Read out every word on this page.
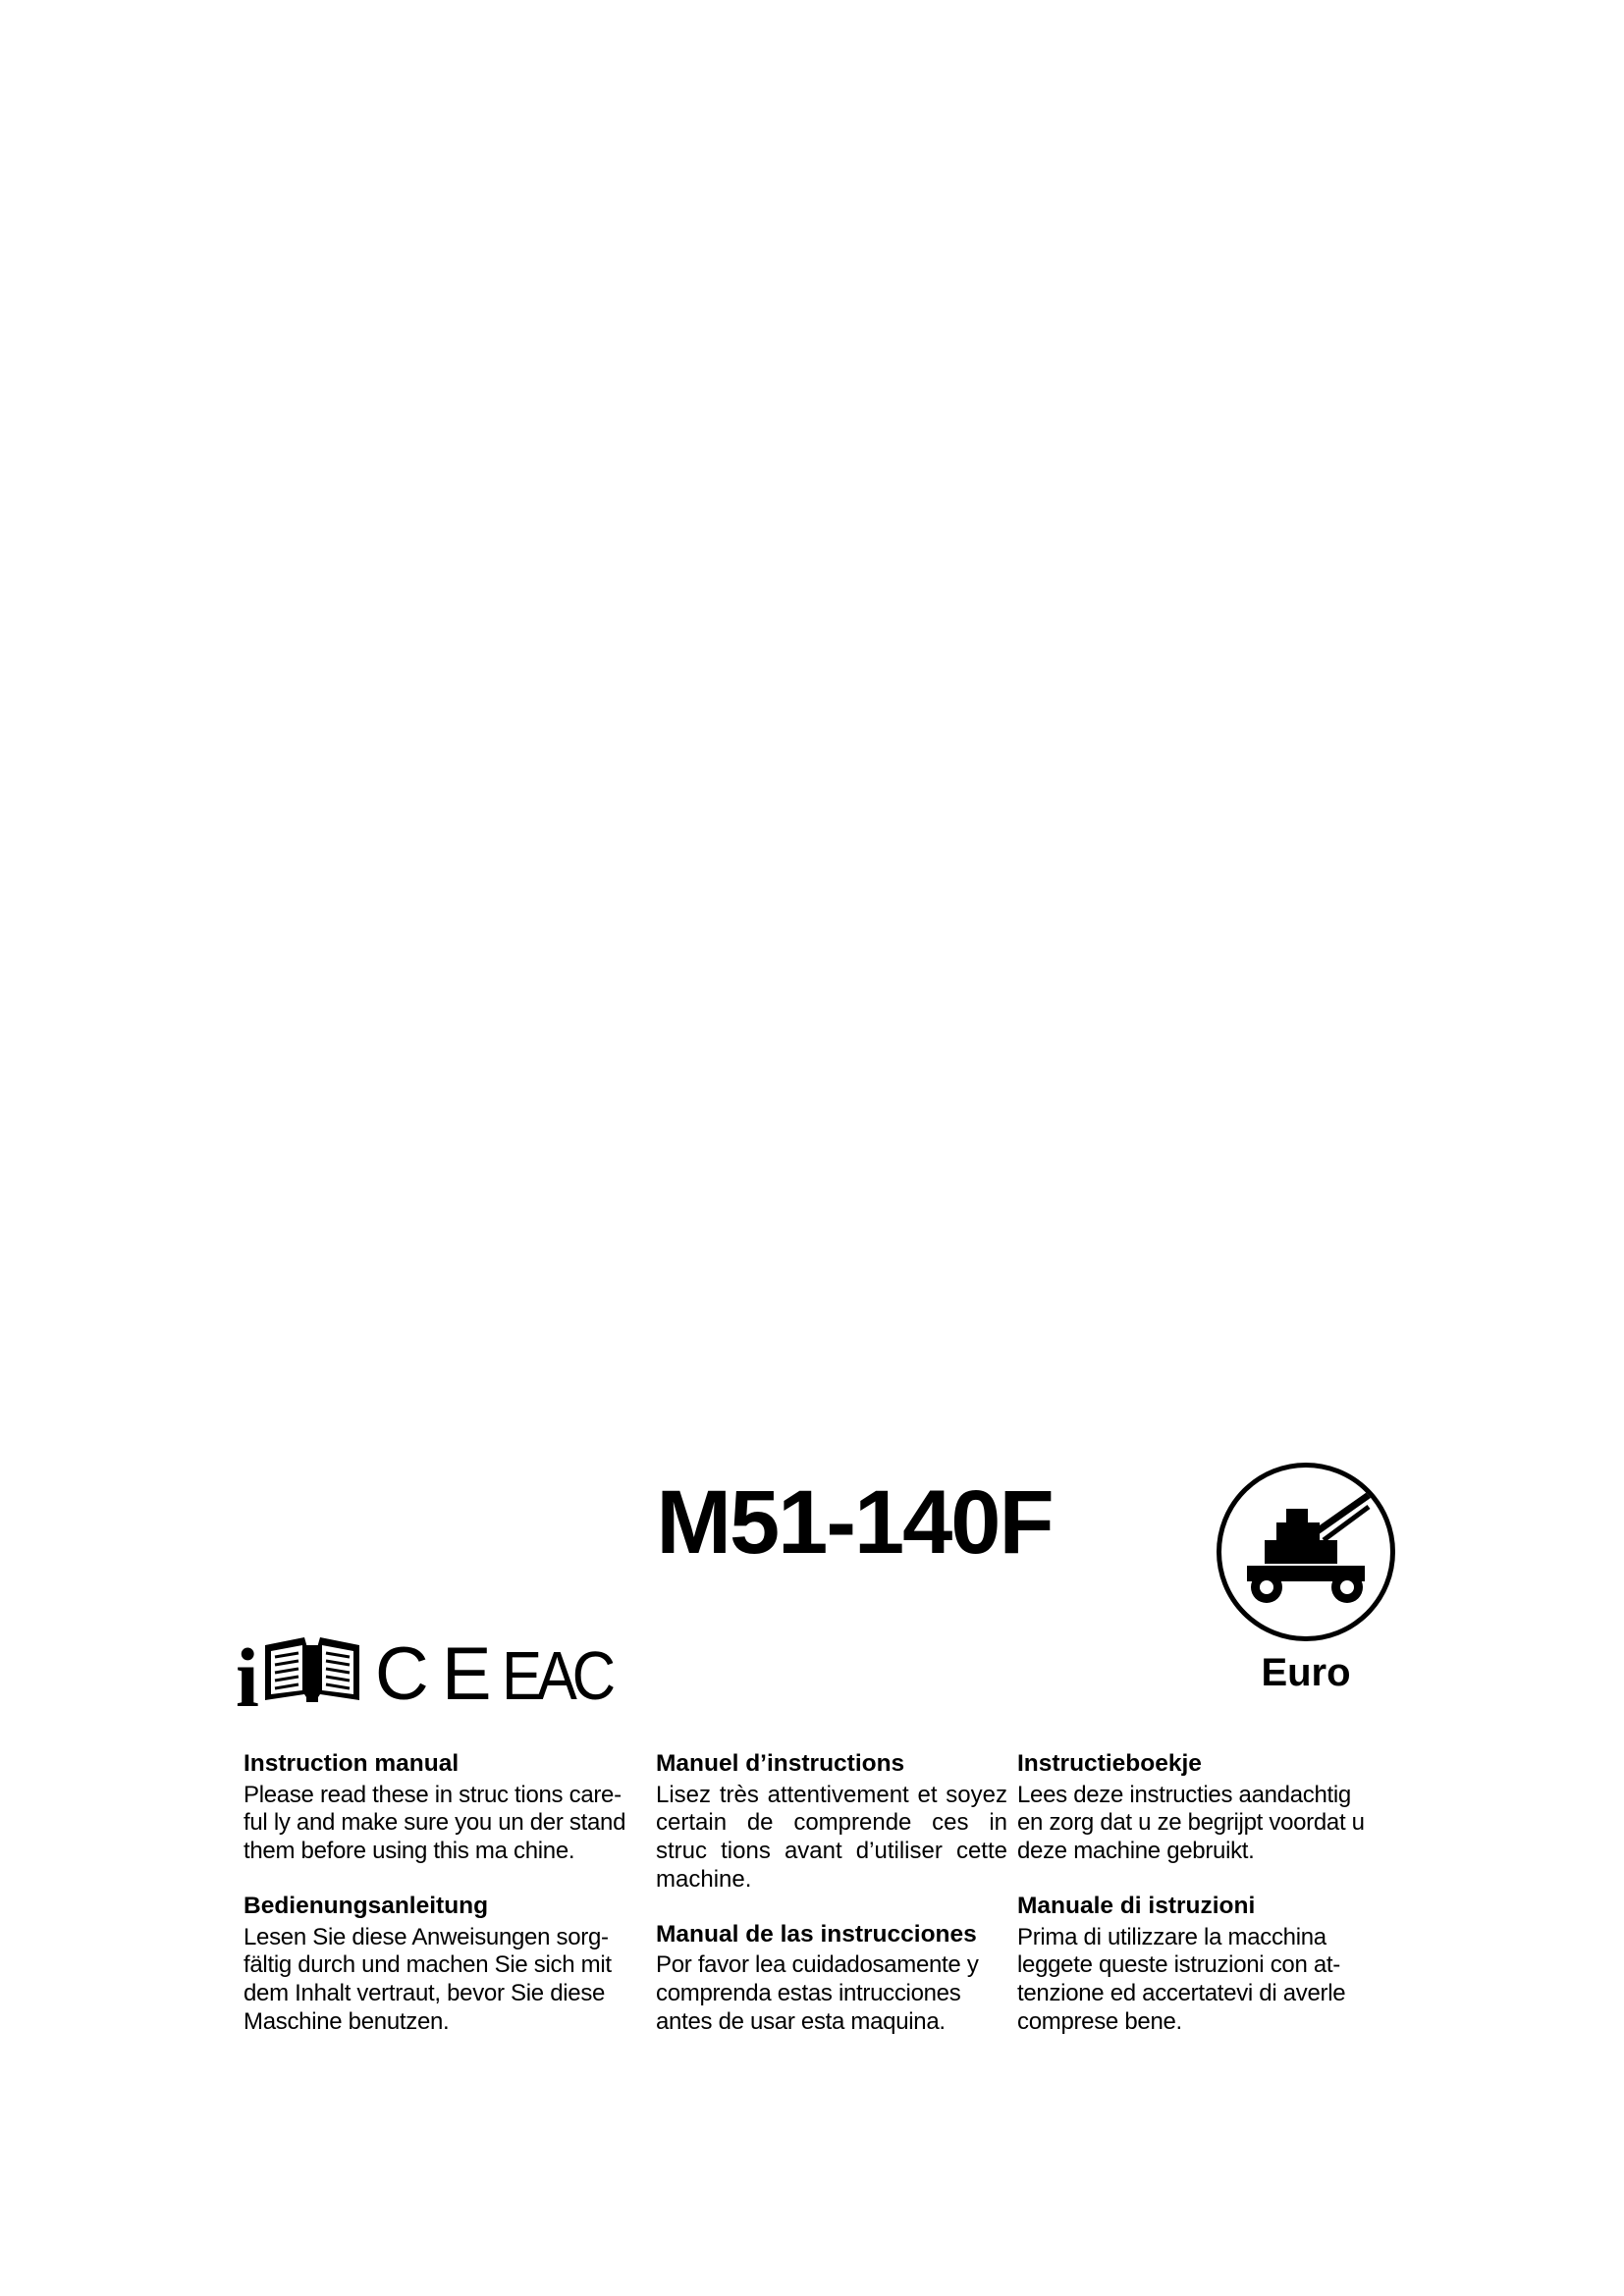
M51-140F
i C E EAC	Euro
Instruction manual

Please read these in struc tions care- ful ly and make sure you un der stand them before using this ma chine.

Bedienungsanleitung

Lesen Sie diese Anweisungen sorg- fältig durch und machen Sie sich mit dem Inhalt vertraut, bevor Sie diese Maschine benutzen.

Manuel d’instructions

Lisez très attentivement et soyez certain de comprende ces in struc tions avant d’utiliser cette machine.

Manual de las instrucciones

Por favor lea cuidadosamente y comprenda estas intrucciones antes de usar esta maquina.

Instructieboekje

Lees deze instructies aandachtig en zorg dat u ze begrijpt voordat u deze machine gebruikt.

Manuale di istruzioni

Prima di utilizzare la macchina leggete queste istruzioni con at- tenzione ed accertatevi di averle comprese bene.
